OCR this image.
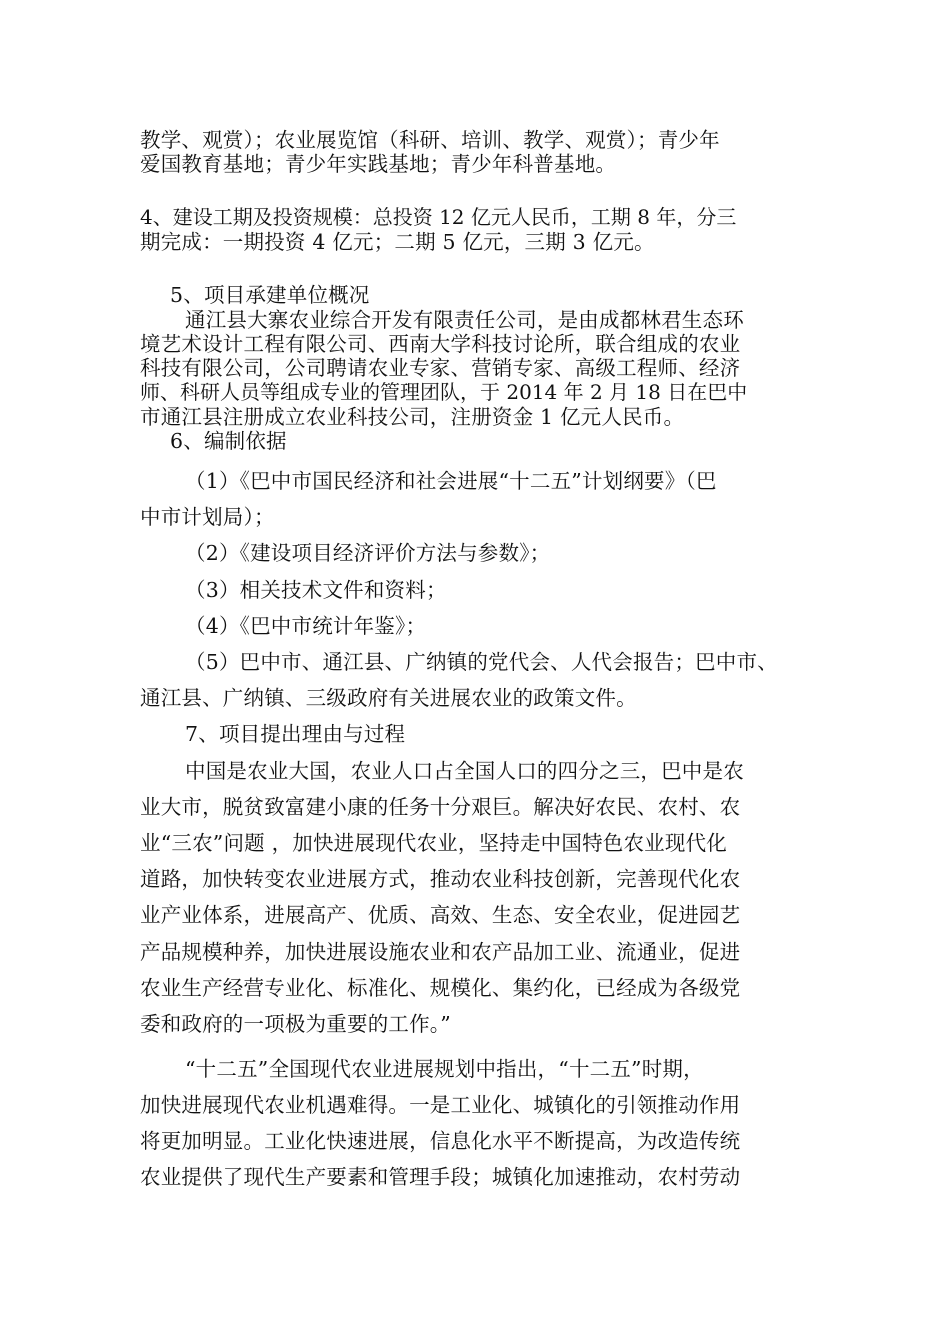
教学、观赏）；农业展览馆（科研、培训、教学、观赏）；青少年
爱国教育基地；青少年实践基地；青少年科普基地。
4、建设工期及投资规模：总投资 12 亿元人民币，工期 8 年，分三
期完成：一期投资 4 亿元；二期 5 亿元，三期 3 亿元。
5、项目承建单位概况
通江县大寨农业综合开发有限责任公司，是由成都林君生态环
境艺术设计工程有限公司、西南大学科技讨论所，联合组成的农业
科技有限公司，公司聘请农业专家、营销专家、高级工程师、经济
师、科研人员等组成专业的管理团队，于 2014 年 2 月 18 日在巴中
市通江县注册成立农业科技公司，注册资金 1 亿元人民币。
6、编制依据
（1）《巴中市国民经济和社会进展“十二五”计划纲要》（巴
中市计划局）；
（2）《建设项目经济评价方法与参数》；
（3）相关技术文件和资料；
（4）《巴中市统计年鉴》；
（5）巴中市、通江县、广纳镇的党代会、人代会报告；巴中市、
通江县、广纳镇、三级政府有关进展农业的政策文件。
7、项目提出理由与过程
中国是农业大国，农业人口占全国人口的四分之三，巴中是农
业大市，脱贫致富建小康的任务十分艰巨。解决好农民、农村、农
业“三农”问题 ，加快进展现代农业，坚持走中国特色农业现代化
道路，加快转变农业进展方式，推动农业科技创新，完善现代化农
业产业体系，进展高产、优质、高效、生态、安全农业，促进园艺
产品规模种养，加快进展设施农业和农产品加工业、流通业，促进
农业生产经营专业化、标准化、规模化、集约化，已经成为各级党
委和政府的一项极为重要的工作。”
“十二五”全国现代农业进展规划中指出，“十二五”时期，
加快进展现代农业机遇难得。一是工业化、城镇化的引领推动作用
将更加明显。工业化快速进展，信息化水平不断提高，为改造传统
农业提供了现代生产要素和管理手段；城镇化加速推动，农村劳动
